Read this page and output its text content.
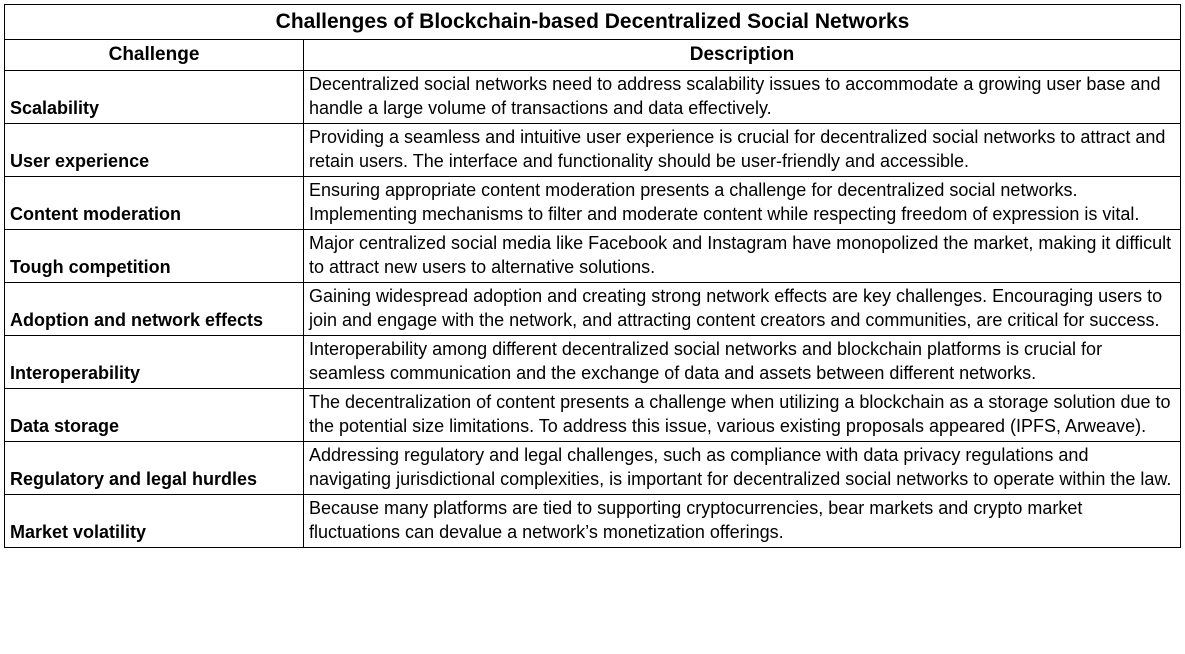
Challenges of Blockchain-based Decentralized Social Networks	
Challenge	Description
Scalability	Decentralized social networks need to address scalability issues to accommodate a growing user base and handle a large volume of transactions and data effectively.
User experience	Providing a seamless and intuitive user experience is crucial for decentralized social networks to attract and retain users. The interface and functionality should be user-friendly and accessible.
Content moderation	Ensuring appropriate content moderation presents a challenge for decentralized social networks. Implementing mechanisms to filter and moderate content while respecting freedom of expression is vital.
Tough competition	Major centralized social media like Facebook and Instagram have monopolized the market, making it difficult to attract new users to alternative solutions.
Adoption and network effects	Gaining widespread adoption and creating strong network effects are key challenges. Encouraging users to join and engage with the network, and attracting content creators and communities, are critical for success.
Interoperability	Interoperability among different decentralized social networks and blockchain platforms is crucial for seamless communication and the exchange of data and assets between different networks.
Data storage	The decentralization of content presents a challenge when utilizing a blockchain as a storage solution due to the potential size limitations. To address this issue, various existing proposals appeared (IPFS, Arweave).
Regulatory and legal hurdles	Addressing regulatory and legal challenges, such as compliance with data privacy regulations and navigating jurisdictional complexities, is important for decentralized social networks to operate within the law.
Market volatility	Because many platforms are tied to supporting cryptocurrencies, bear markets and crypto market fluctuations can devalue a network’s monetization offerings.
